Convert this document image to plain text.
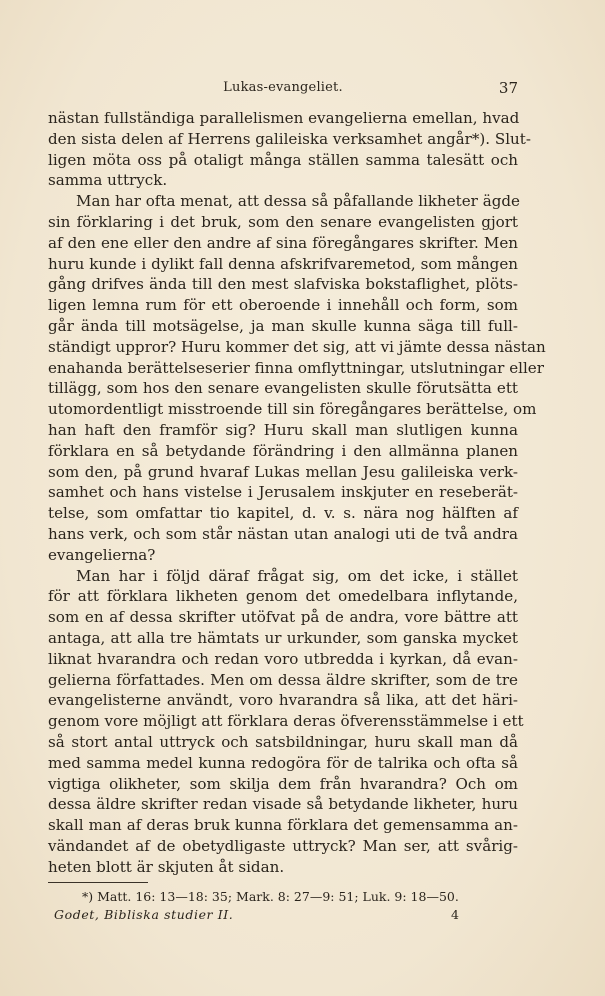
Lukas-evangeliet.	37
nästan fullständiga parallelismen evangelierna emellan, hvad
den sista delen af Herrens galileiska verksamhet angår*). Slut-
ligen möta oss på otaligt många ställen samma talesätt och
samma uttryck.
Man har ofta menat, att dessa så påfallande likheter ägde
sin förklaring i det bruk, som den senare evangelisten gjort
af den ene eller den andre af sina föregångares skrifter. Men
huru kunde i dylikt fall denna afskrifvaremetod, som mången
gång drifves ända till den mest slafviska bokstaflighet, plöts-
ligen lemna rum för ett oberoende i innehåll och form, som
går ända till motsägelse, ja man skulle kunna säga till full-
ständigt uppror? Huru kommer det sig, att vi jämte dessa nästan
enahanda berättelseserier finna omflyttningar, utslutningar eller
tillägg, som hos den senare evangelisten skulle förutsätta ett
utomordentligt misstroende till sin föregångares berättelse, om
han haft den framför sig? Huru skall man slutligen kunna
förklara en så betydande förändring i den allmänna planen
som den, på grund hvaraf Lukas mellan Jesu galileiska verk-
samhet och hans vistelse i Jerusalem inskjuter en reseberät-
telse, som omfattar tio kapitel, d. v. s. nära nog hälften af
hans verk, och som står nästan utan analogi uti de två andra
evangelierna?
Man har i följd däraf frågat sig, om det icke, i stället
för att förklara likheten genom det omedelbara inflytande,
som en af dessa skrifter utöfvat på de andra, vore bättre att
antaga, att alla tre hämtats ur urkunder, som ganska mycket
liknat hvarandra och redan voro utbredda i kyrkan, då evan-
gelierna författades. Men om dessa äldre skrifter, som de tre
evangelisterne användt, voro hvarandra så lika, att det häri-
genom vore möjligt att förklara deras öfverensstämmelse i ett
så stort antal uttryck och satsbildningar, huru skall man då
med samma medel kunna redogöra för de talrika och ofta så
vigtiga olikheter, som skilja dem från hvarandra? Och om
dessa äldre skrifter redan visade så betydande likheter, huru
skall man af deras bruk kunna förklara det gemensamma an-
vändandet af de obetydligaste uttryck? Man ser, att svårig-
heten blott är skjuten åt sidan.
*) Matt. 16: 13—18: 35; Mark. 8: 27—9: 51; Luk. 9: 18—50.
Godet, Bibliska studier II.	4
